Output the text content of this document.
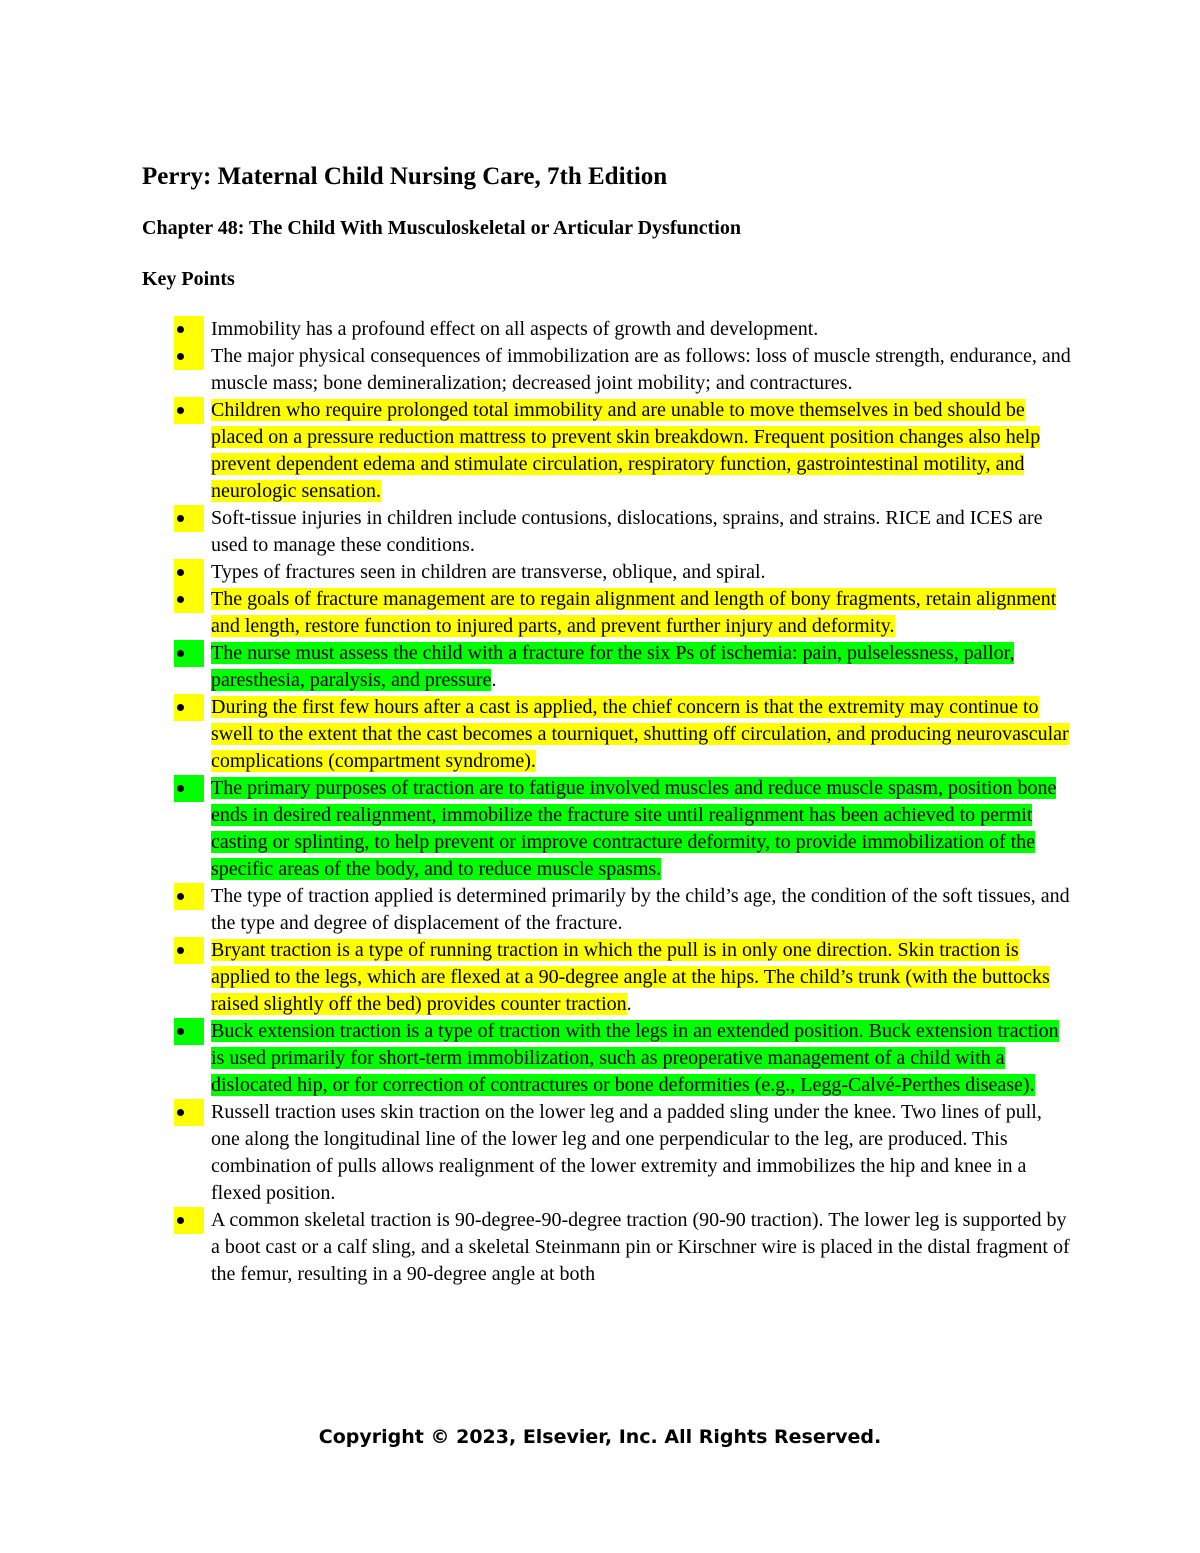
Perry: Maternal Child Nursing Care, 7th Edition
Chapter 48: The Child With Musculoskeletal or Articular Dysfunction
Key Points
Immobility has a profound effect on all aspects of growth and development.
The major physical consequences of immobilization are as follows: loss of muscle strength, endurance, and muscle mass; bone demineralization; decreased joint mobility; and contractures.
Children who require prolonged total immobility and are unable to move themselves in bed should be placed on a pressure reduction mattress to prevent skin breakdown. Frequent position changes also help prevent dependent edema and stimulate circulation, respiratory function, gastrointestinal motility, and neurologic sensation.
Soft-tissue injuries in children include contusions, dislocations, sprains, and strains. RICE and ICES are used to manage these conditions.
Types of fractures seen in children are transverse, oblique, and spiral.
The goals of fracture management are to regain alignment and length of bony fragments, retain alignment and length, restore function to injured parts, and prevent further injury and deformity.
The nurse must assess the child with a fracture for the six Ps of ischemia: pain, pulselessness, pallor, paresthesia, paralysis, and pressure.
During the first few hours after a cast is applied, the chief concern is that the extremity may continue to swell to the extent that the cast becomes a tourniquet, shutting off circulation, and producing neurovascular complications (compartment syndrome).
The primary purposes of traction are to fatigue involved muscles and reduce muscle spasm, position bone ends in desired realignment, immobilize the fracture site until realignment has been achieved to permit casting or splinting, to help prevent or improve contracture deformity, to provide immobilization of the specific areas of the body, and to reduce muscle spasms.
The type of traction applied is determined primarily by the child’s age, the condition of the soft tissues, and the type and degree of displacement of the fracture.
Bryant traction is a type of running traction in which the pull is in only one direction. Skin traction is applied to the legs, which are flexed at a 90-degree angle at the hips. The child’s trunk (with the buttocks raised slightly off the bed) provides counter traction.
Buck extension traction is a type of traction with the legs in an extended position. Buck extension traction is used primarily for short-term immobilization, such as preoperative management of a child with a dislocated hip, or for correction of contractures or bone deformities (e.g., Legg-Calvé-Perthes disease).
Russell traction uses skin traction on the lower leg and a padded sling under the knee. Two lines of pull, one along the longitudinal line of the lower leg and one perpendicular to the leg, are produced. This combination of pulls allows realignment of the lower extremity and immobilizes the hip and knee in a flexed position.
A common skeletal traction is 90-degree-90-degree traction (90-90 traction). The lower leg is supported by a boot cast or a calf sling, and a skeletal Steinmann pin or Kirschner wire is placed in the distal fragment of the femur, resulting in a 90-degree angle at both

Copyright © 2023, Elsevier, Inc. All Rights Reserved.
